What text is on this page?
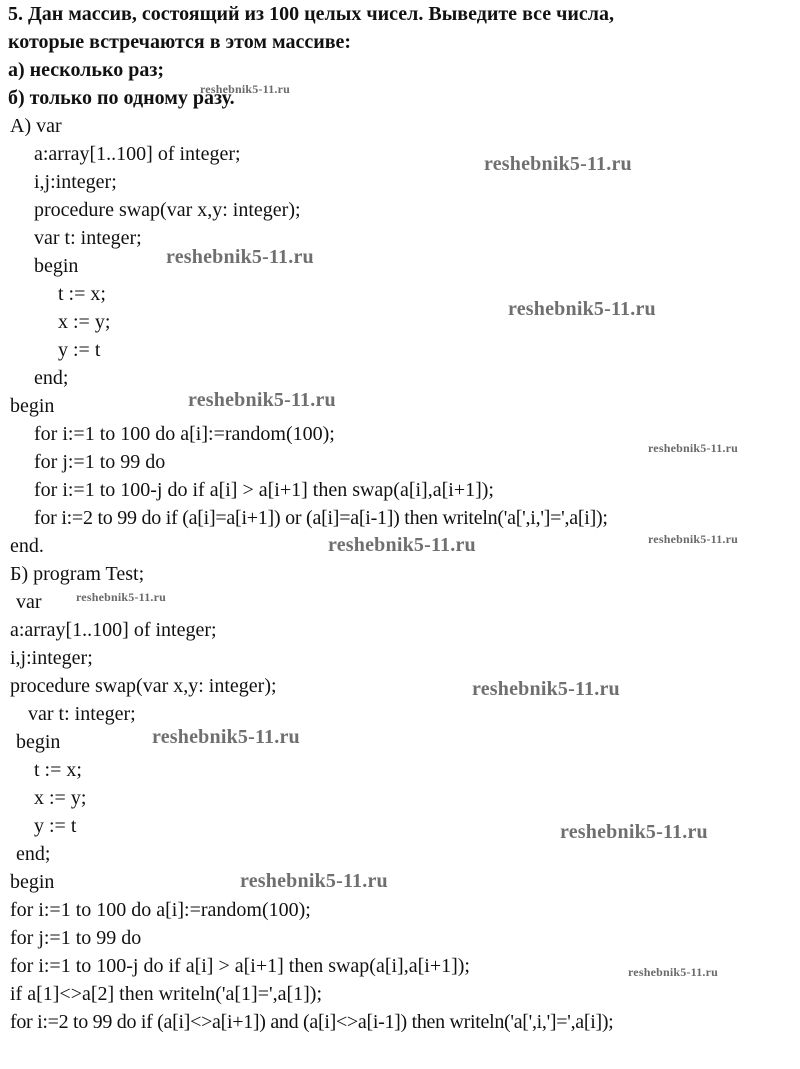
5. Дан массив, состоящий из 100 целых чисел. Выведите все числа,
которые встречаются в этом массиве:
а) несколько раз;
б) только по одному разу.
А) var
a:array[1..100] of integer;
i,j:integer;
procedure swap(var x,y: integer);
var t: integer;
begin
t := x;
x := y;
y := t
end;
begin
for i:=1 to 100 do a[i]:=random(100);
for j:=1 to 99 do
for i:=1 to 100-j do if a[i] > a[i+1] then swap(a[i],a[i+1]);
for i:=2 to 99 do if (a[i]=a[i+1]) or (a[i]=a[i-1]) then writeln('a[',i,']=',a[i]);
end.
Б) program Test;
var
a:array[1..100] of integer;
i,j:integer;
procedure swap(var x,y: integer);
var t: integer;
begin
t := x;
x := y;
y := t
end;
begin
for i:=1 to 100 do a[i]:=random(100);
for j:=1 to 99 do
for i:=1 to 100-j do if a[i] > a[i+1] then swap(a[i],a[i+1]);
if a[1]<>a[2] then writeln('a[1]=',a[1]);
for i:=2 to 99 do if (a[i]<>a[i+1]) and (a[i]<>a[i-1]) then writeln('a[',i,']=',a[i]);
reshebnik5-11.ru
reshebnik5-11.ru
reshebnik5-11.ru
reshebnik5-11.ru
reshebnik5-11.ru
reshebnik5-11.ru
reshebnik5-11.ru
reshebnik5-11.ru
reshebnik5-11.ru
reshebnik5-11.ru
reshebnik5-11.ru
reshebnik5-11.ru
reshebnik5-11.ru
reshebnik5-11.ru
